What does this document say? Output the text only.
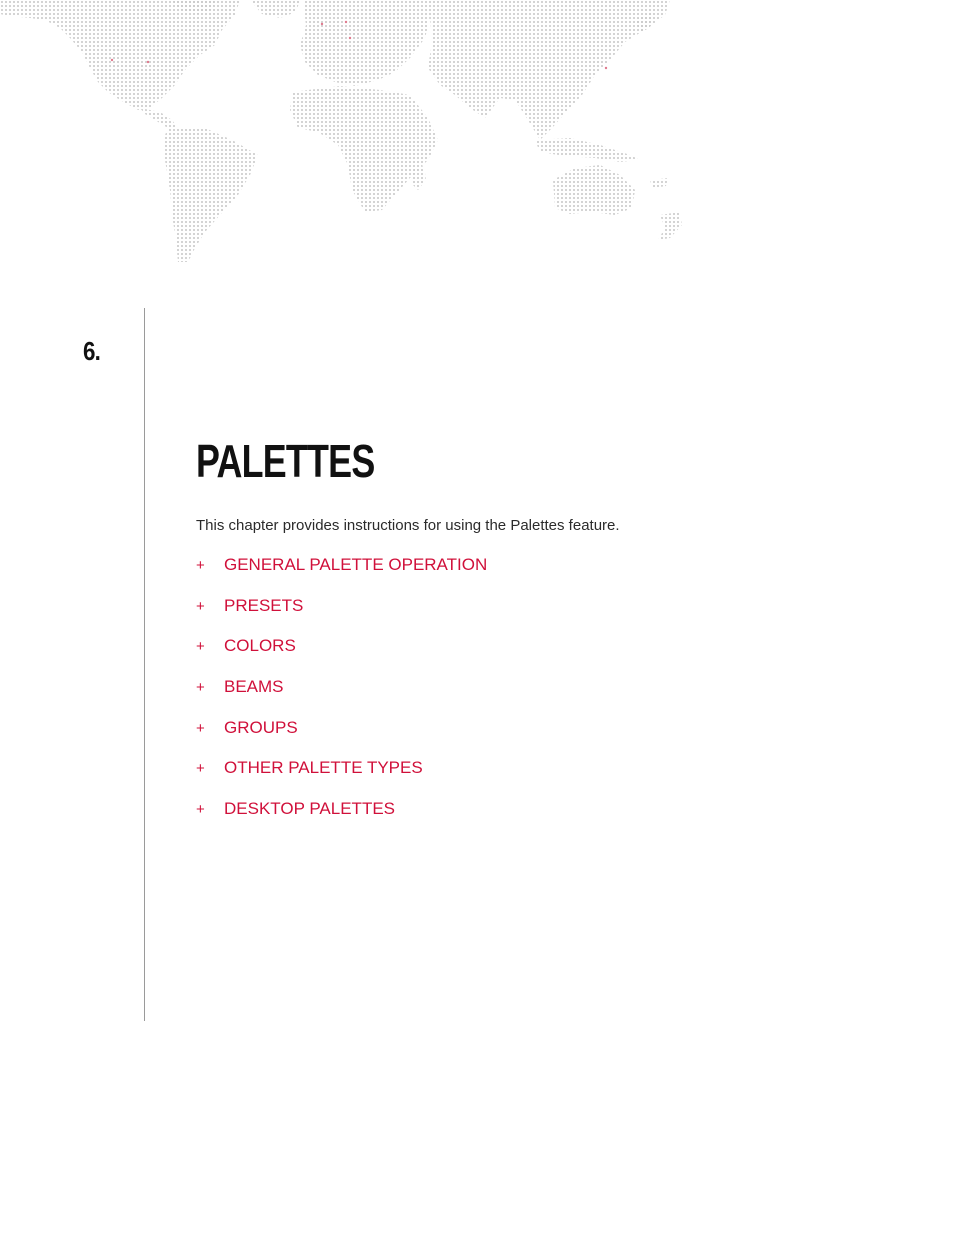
6.
PALETTES

This chapter provides instructions for using the Palettes feature.

+	GENERAL PALETTE OPERATION
+	PRESETS
+	COLORS
+	BEAMS
+	GROUPS
+	OTHER PALETTE TYPES
+	DESKTOP PALETTES
